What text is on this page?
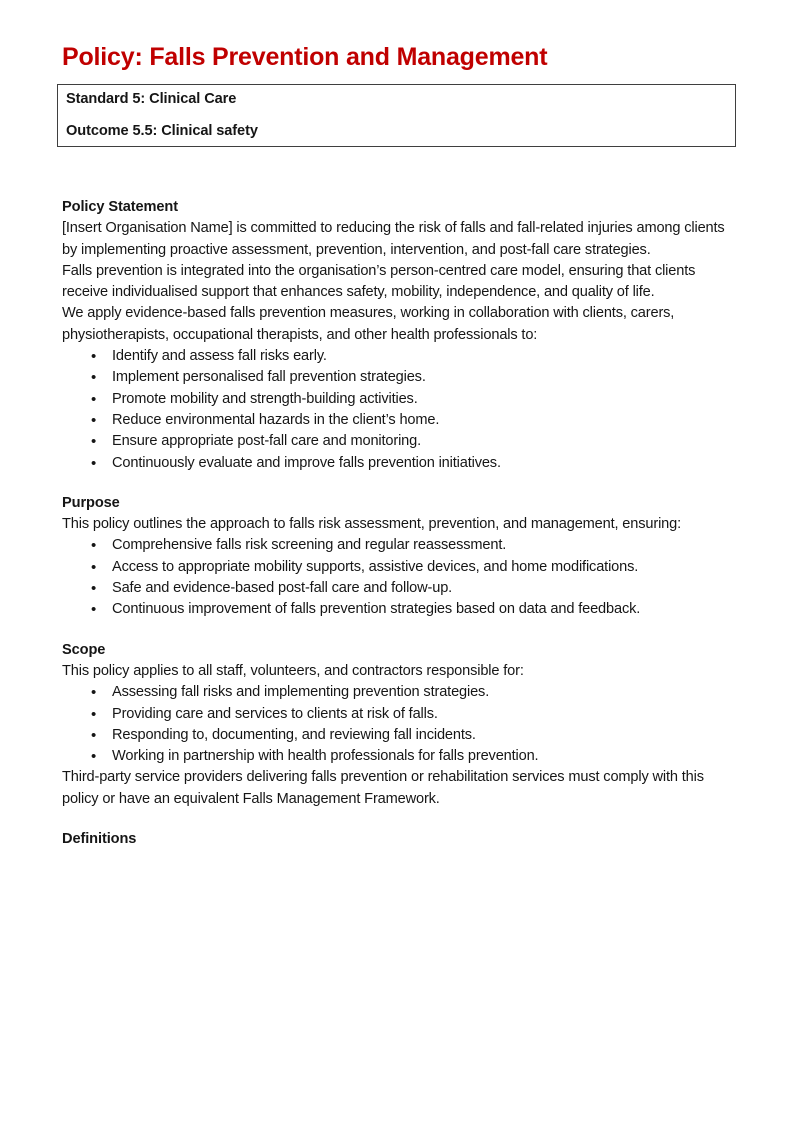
Policy: Falls Prevention and Management

Standard 5: Clinical Care

Outcome 5.5: Clinical safety

Policy Statement

[Insert Organisation Name] is committed to reducing the risk of falls and fall-related injuries among clients by implementing proactive assessment, prevention, intervention, and post-fall care strategies.

Falls prevention is integrated into the organisation’s person-centred care model, ensuring that clients receive individualised support that enhances safety, mobility, independence, and quality of life.

We apply evidence-based falls prevention measures, working in collaboration with clients, carers, physiotherapists, occupational therapists, and other health professionals to:

• Identify and assess fall risks early.
• Implement personalised fall prevention strategies.
• Promote mobility and strength-building activities.
• Reduce environmental hazards in the client’s home.
• Ensure appropriate post-fall care and monitoring.
• Continuously evaluate and improve falls prevention initiatives.
Purpose

This policy outlines the approach to falls risk assessment, prevention, and management, ensuring:

• Comprehensive falls risk screening and regular reassessment.
• Access to appropriate mobility supports, assistive devices, and home modifications.
• Safe and evidence-based post-fall care and follow-up.
• Continuous improvement of falls prevention strategies based on data and feedback.
Scope

This policy applies to all staff, volunteers, and contractors responsible for:

• Assessing fall risks and implementing prevention strategies.
• Providing care and services to clients at risk of falls.
• Responding to, documenting, and reviewing fall incidents.
• Working in partnership with health professionals for falls prevention.

Third-party service providers delivering falls prevention or rehabilitation services must comply with this policy or have an equivalent Falls Management Framework.

Definitions
